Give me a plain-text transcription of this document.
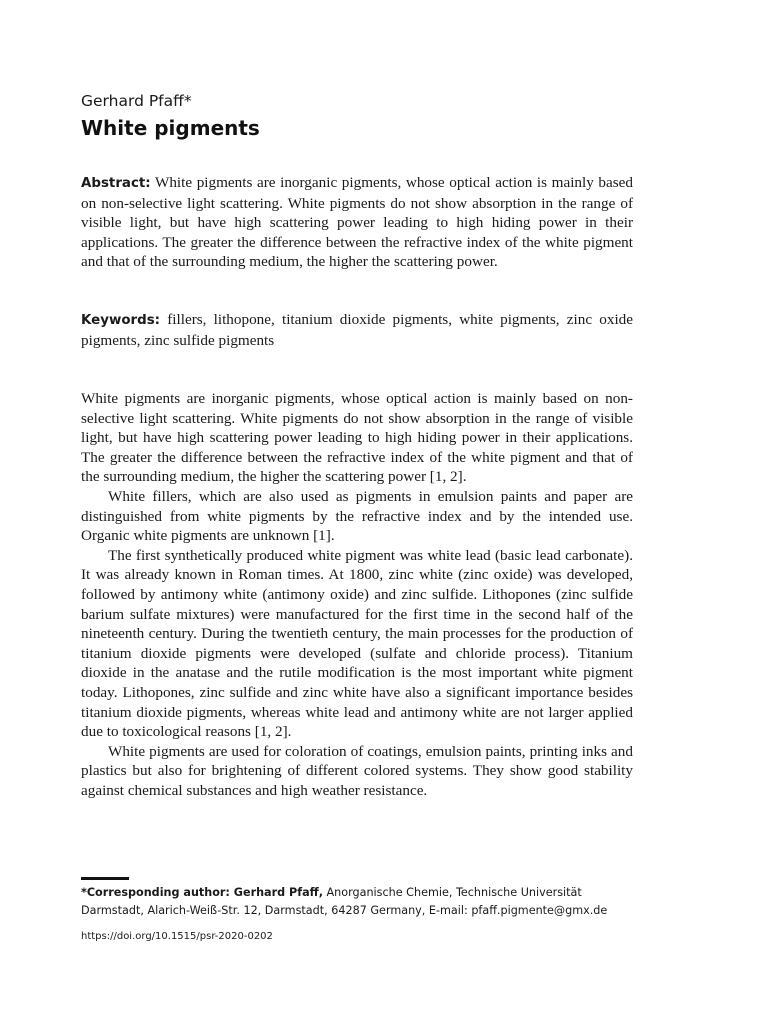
Gerhard Pfaff*
White pigments

Abstract: White pigments are inorganic pigments, whose optical action is mainly based on non-selective light scattering. White pigments do not show absorption in the range of visible light, but have high scattering power leading to high hiding power in their applications. The greater the difference between the refractive index of the white pigment and that of the surrounding medium, the higher the scattering power.

Keywords: fillers, lithopone, titanium dioxide pigments, white pigments, zinc oxide pigments, zinc sulfide pigments

White pigments are inorganic pigments, whose optical action is mainly based on non-selective light scattering. White pigments do not show absorption in the range of visible light, but have high scattering power leading to high hiding power in their applications. The greater the difference between the refractive index of the white pigment and that of the surrounding medium, the higher the scattering power [1, 2].

White fillers, which are also used as pigments in emulsion paints and paper are distinguished from white pigments by the refractive index and by the intended use. Organic white pigments are unknown [1].

The first synthetically produced white pigment was white lead (basic lead carbonate). It was already known in Roman times. At 1800, zinc white (zinc oxide) was developed, followed by antimony white (antimony oxide) and zinc sulfide. Lithopones (zinc sulfide barium sulfate mixtures) were manufactured for the first time in the second half of the nineteenth century. During the twentieth century, the main processes for the production of titanium dioxide pigments were developed (sulfate and chloride process). Titanium dioxide in the anatase and the rutile modification is the most important white pigment today. Lithopones, zinc sulfide and zinc white have also a significant importance besides titanium dioxide pigments, whereas white lead and antimony white are not larger applied due to toxicological reasons [1, 2].

White pigments are used for coloration of coatings, emulsion paints, printing inks and plastics but also for brightening of different colored systems. They show good stability against chemical substances and high weather resistance.

*Corresponding author: Gerhard Pfaff, Anorganische Chemie, Technische Universität Darmstadt, Alarich-Weiß-Str. 12, Darmstadt, 64287 Germany, E-mail: pfaff.pigmente@gmx.de
https://doi.org/10.1515/psr-2020-0202
